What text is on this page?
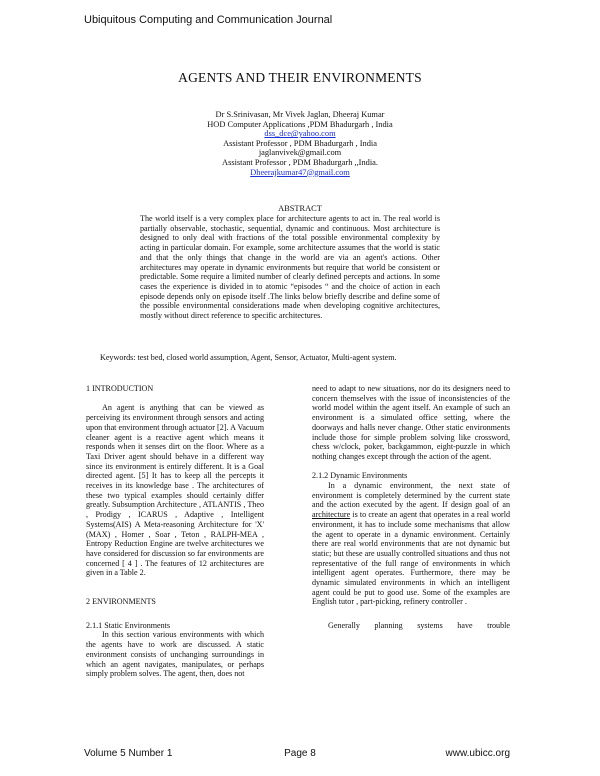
Ubiquitous Computing and Communication Journal
AGENTS AND THEIR ENVIRONMENTS
Dr S.Srinivasan, Mr Vivek Jaglan, Dheeraj Kumar
HOD Computer Applications ,PDM Bhadurgarh , India
dss_dce@yahoo.com
Assistant Professor , PDM Bhadurgarh , India
jaglanvivek@gmail.com
Assistant Professor , PDM Bhadurgarh ,,India.
Dheerajkumar47@gmail.com
ABSTRACT
The world itself is a very complex place for architecture agents to act in. The real world is partially observable, stochastic, sequential, dynamic and continuous. Most architecture is designed to only deal with fractions of the total possible environmental complexity by acting in particular domain. For example, some architecture assumes that the world is static and that the only things that change in the world are via an agent's actions. Other architectures may operate in dynamic environments but require that world be consistent or predictable. Some require a limited number of clearly defined percepts and actions. In some cases the experience is divided in to atomic “episodes “ and the choice of action in each episode depends only on episode itself .The links below briefly describe and define some of the possible environmental considerations made when developing cognitive architectures, mostly without direct reference to specific architectures.
Keywords: test bed, closed world assumption, Agent, Sensor, Actuator, Multi-agent system.

1 INTRODUCTION

An agent is anything that can be viewed as perceiving its environment through sensors and acting upon that environment through actuator [2]. A Vacuum cleaner agent is a reactive agent which means it responds when it senses dirt on the floor. Where as a Taxi Driver agent should behave in a different way since its environment is entirely different. It is a Goal directed agent. [5] It has to keep all the percepts it receives in its knowledge base . The architectures of these two typical examples should certainly differ greatly. Subsumption Architecture , ATLANTIS , Theo , Prodigy , ICARUS , Adaptive , Intelligent Systems(AIS) A Meta-reasoning Architecture for 'X' (MAX) , Homer , Soar , Teton , RALPH-MEA , Entropy Reduction Engine are twelve architectures we have considered for discussion so far environments are concerned [ 4 ] . The features of 12 architectures are given in a Table 2.

2 ENVIRONMENTS

2.1.1 Static Environments

In this section various environments with which the agents have to work are discussed. A static environment consists of unchanging surroundings in which an agent navigates, manipulates, or perhaps simply problem solves. The agent, then, does not

need to adapt to new situations, nor do its designers need to concern themselves with the issue of inconsistencies of the world model within the agent itself. An example of such an environment is a simulated office setting, where the doorways and halls never change. Other static environments include those for simple problem solving like crossword, chess w/clock, poker, backgammon, eight-puzzle in which nothing changes except through the action of the agent.

2.1.2 Dynamic Environments

In a dynamic environment, the next state of environment is completely determined by the current state and the action executed by the agent. If design goal of an architecture is to create an agent that operates in a real world environment, it has to include some mechanisms that allow the agent to operate in a dynamic environment. Certainly there are real world environments that are not dynamic but static; but these are usually controlled situations and thus not representative of the full range of environments in which intelligent agent operates. Furthermore, there may be dynamic simulated environments in which an intelligent agent could be put to good use. Some of the examples are English tutor , part-picking, refinery controller .

Generally planning systems have trouble

Volume 5 Number 1	Page 8	www.ubicc.org
